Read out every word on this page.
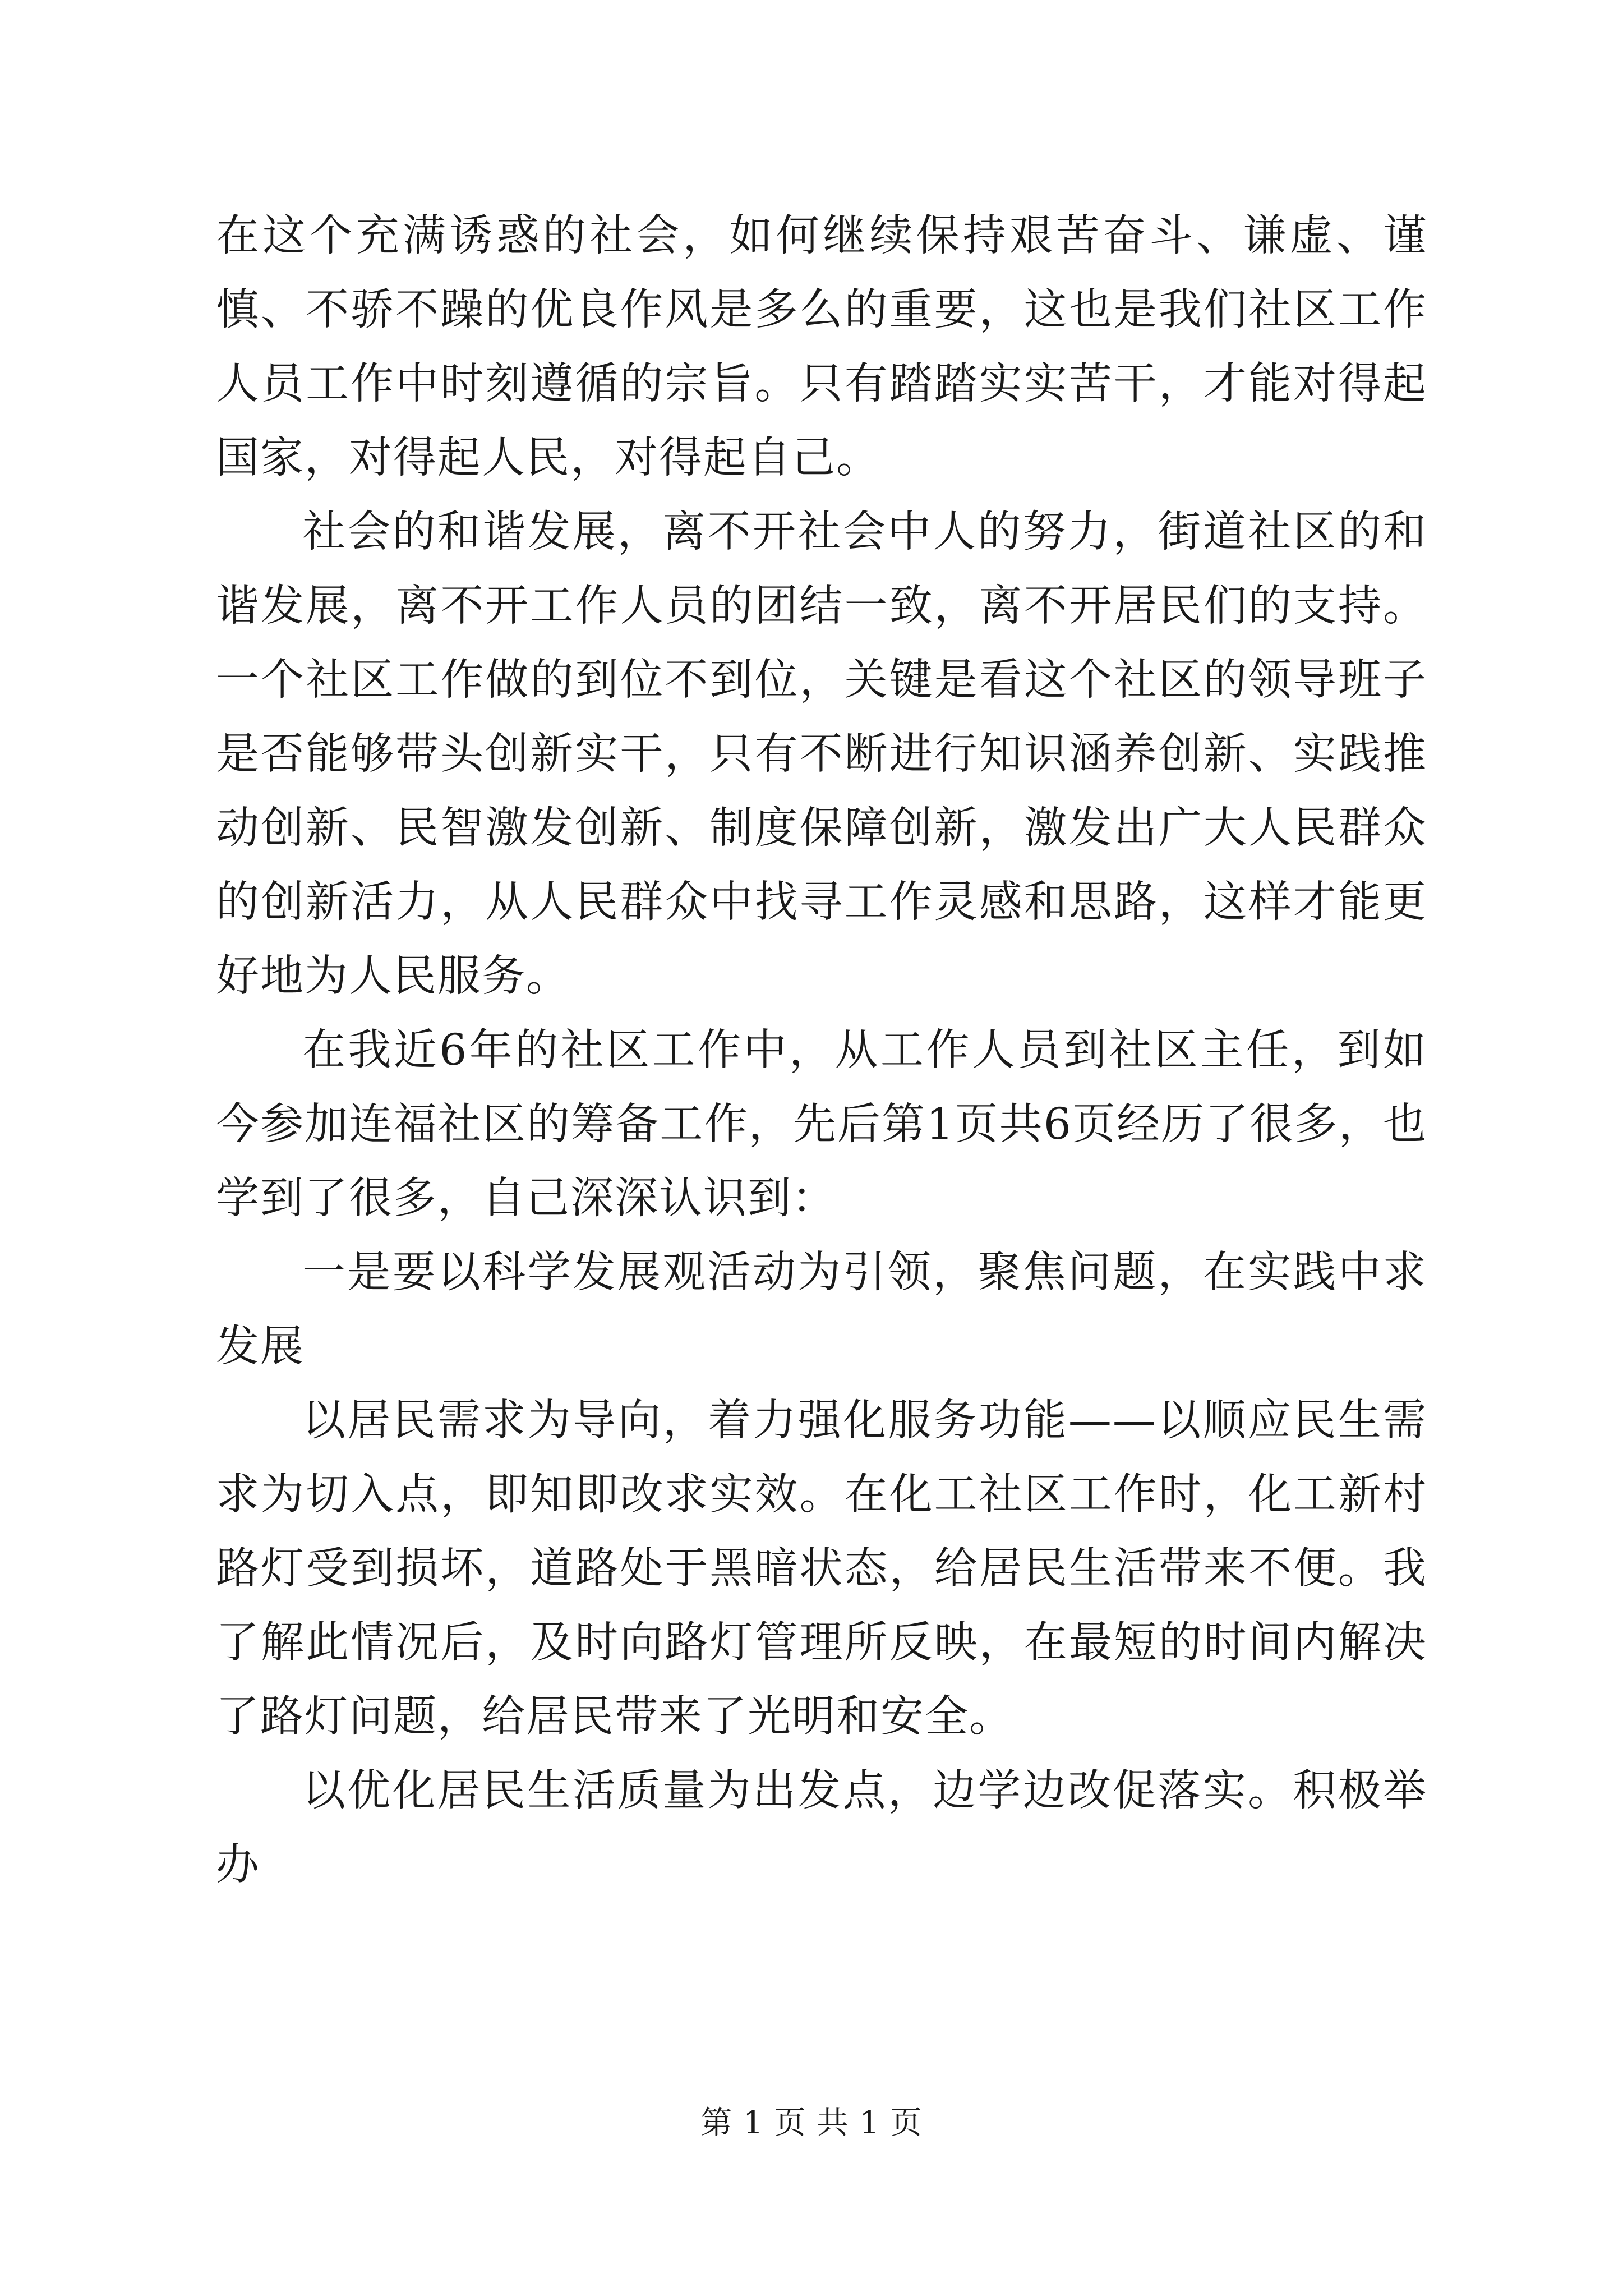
在这个充满诱惑的社会，如何继续保持艰苦奋斗、谦虚、谨慎、不骄不躁的优良作风是多么的重要，这也是我们社区工作人员工作中时刻遵循的宗旨。只有踏踏实实苦干，才能对得起国家，对得起人民，对得起自己。

社会的和谐发展，离不开社会中人的努力，街道社区的和谐发展，离不开工作人员的团结一致，离不开居民们的支持。一个社区工作做的到位不到位，关键是看这个社区的领导班子是否能够带头创新实干，只有不断进行知识涵养创新、实践推动创新、民智激发创新、制度保障创新，激发出广大人民群众的创新活力，从人民群众中找寻工作灵感和思路，这样才能更好地为人民服务。

在我近6年的社区工作中，从工作人员到社区主任，到如今参加连福社区的筹备工作，先后第1页共6页经历了很多，也学到了很多，自己深深认识到：

一是要以科学发展观活动为引领，聚焦问题，在实践中求发展

以居民需求为导向，着力强化服务功能——以顺应民生需求为切入点，即知即改求实效。在化工社区工作时，化工新村路灯受到损坏，道路处于黑暗状态，给居民生活带来不便。我了解此情况后，及时向路灯管理所反映，在最短的时间内解决了路灯问题，给居民带来了光明和安全。

以优化居民生活质量为出发点，边学边改促落实。积极举办

第 1 页 共 1 页
